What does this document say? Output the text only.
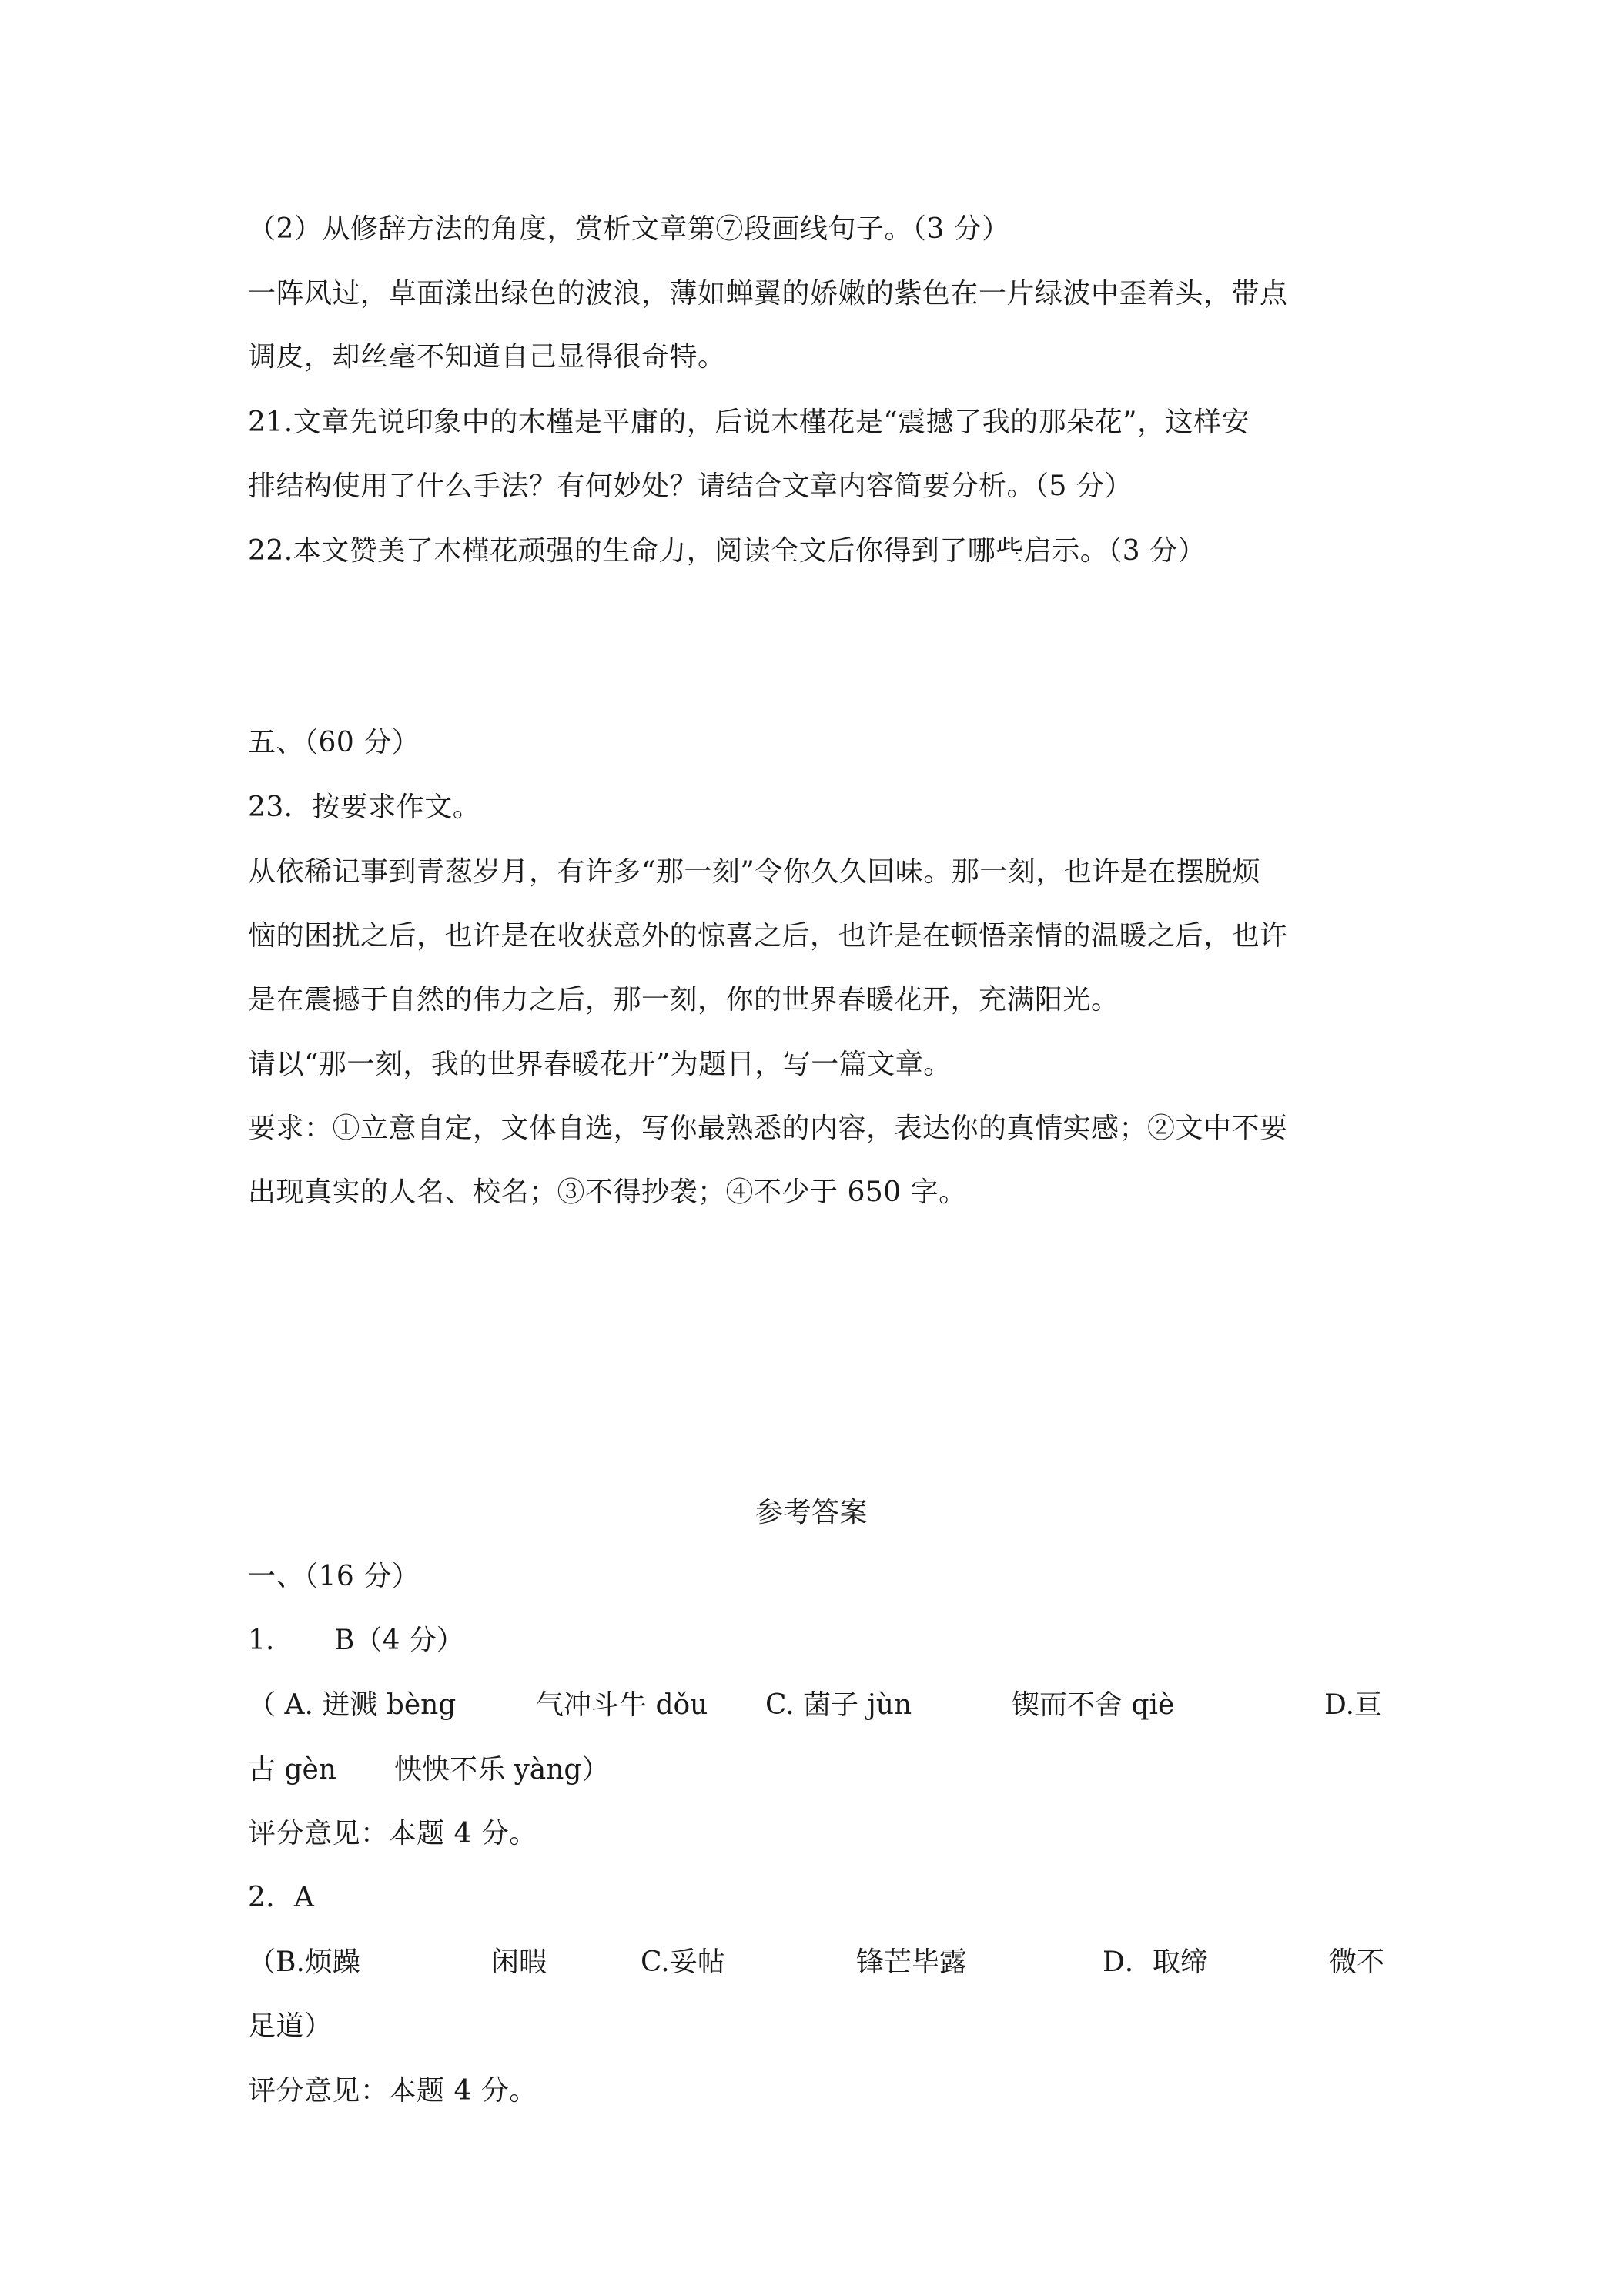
（2）从修辞方法的角度，赏析文章第⑦段画线句子。（3 分）
一阵风过，草面漾出绿色的波浪，薄如蝉翼的娇嫩的紫色在一片绿波中歪着头，带点
调皮，却丝毫不知道自己显得很奇特。
21.文章先说印象中的木槿是平庸的，后说木槿花是“震撼了我的那朵花”，这样安
排结构使用了什么手法？有何妙处？请结合文章内容简要分析。（5 分）
22.本文赞美了木槿花顽强的生命力，阅读全文后你得到了哪些启示。（3 分）
五、（60 分）
23．按要求作文。
从依稀记事到青葱岁月，有许多“那一刻”令你久久回味。那一刻，也许是在摆脱烦
恼的困扰之后，也许是在收获意外的惊喜之后，也许是在顿悟亲情的温暖之后，也许
是在震撼于自然的伟力之后，那一刻，你的世界春暖花开，充满阳光。
请以“那一刻，我的世界春暖花开”为题目，写一篇文章。
要求：①立意自定，文体自选，写你最熟悉的内容，表达你的真情实感；②文中不要
出现真实的人名、校名；③不得抄袭；④不少于 650 字。
参考答案
一、（16 分）
1. B（4 分）
（ A. 迸溅 bèng	气冲斗牛 dǒu C. 菌子 jùn	锲而不舍 qiè	D.亘
古 gèn 怏怏不乐 yàng）
评分意见：本题 4 分。
2．A
（B.烦躁	闲暇	C.妥帖	锋芒毕露	D．取缔	微不
足道）
评分意见：本题 4 分。
